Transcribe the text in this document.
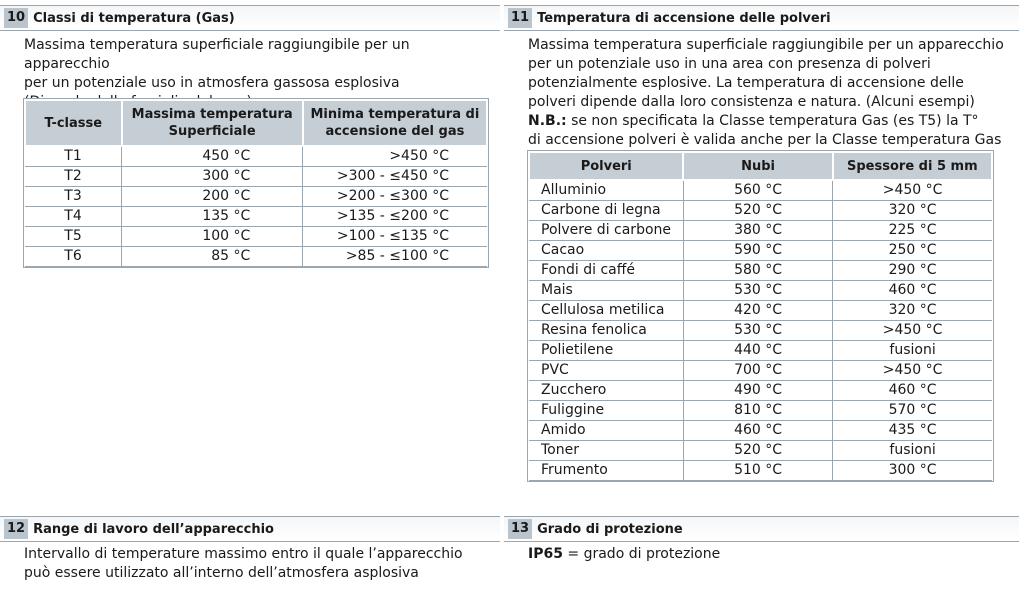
10 Classi di temperatura (Gas)
Massima temperatura superficiale raggiungibile per un apparecchio
per un potenziale uso in atmosfera gassosa esplosiva
T-classe	Massima temperatura Superficiale	Minima temperatura di accensione del gas
T1	450 °C	>450 °C
T2	300 °C	>300 - ≤450 °C
T3	200 °C	>200 - ≤300 °C
T4	135 °C	>135 - ≤200 °C
T5	100 °C	>100 - ≤135 °C
T6	85 °C	>85 - ≤100 °C
11 Temperatura di accensione delle polveri
Massima temperatura superficiale raggiungibile per un apparecchio
per un potenziale uso in una area con presenza di polveri
potenzialmente esplosive. La temperatura di accensione delle
polveri dipende dalla loro consistenza e natura. (Alcuni esempi)
N.B.: se non specificata la Classe temperatura Gas (es T5) la T°
di accensione polveri è valida anche per la Classe temperatura Gas
Polveri	Nubi	Spessore di 5 mm
Alluminio	560 °C	>450 °C
Carbone di legna	520 °C	320 °C
Polvere di carbone	380 °C	225 °C
Cacao	590 °C	250 °C
Fondi di caffé	580 °C	290 °C
Mais	530 °C	460 °C
Cellulosa metilica	420 °C	320 °C
Resina fenolica	530 °C	>450 °C
Polietilene	440 °C	fusioni
PVC	700 °C	>450 °C
Zucchero	490 °C	460 °C
Fuliggine	810 °C	570 °C
Amido	460 °C	435 °C
Toner	520 °C	fusioni
Frumento	510 °C	300 °C
12 Range di lavoro dell’apparecchio
Intervallo di temperature massimo entro il quale l’apparecchio
può essere utilizzato all’interno dell’atmosfera asplosiva
13 Grado di protezione
IP65 = grado di protezione
